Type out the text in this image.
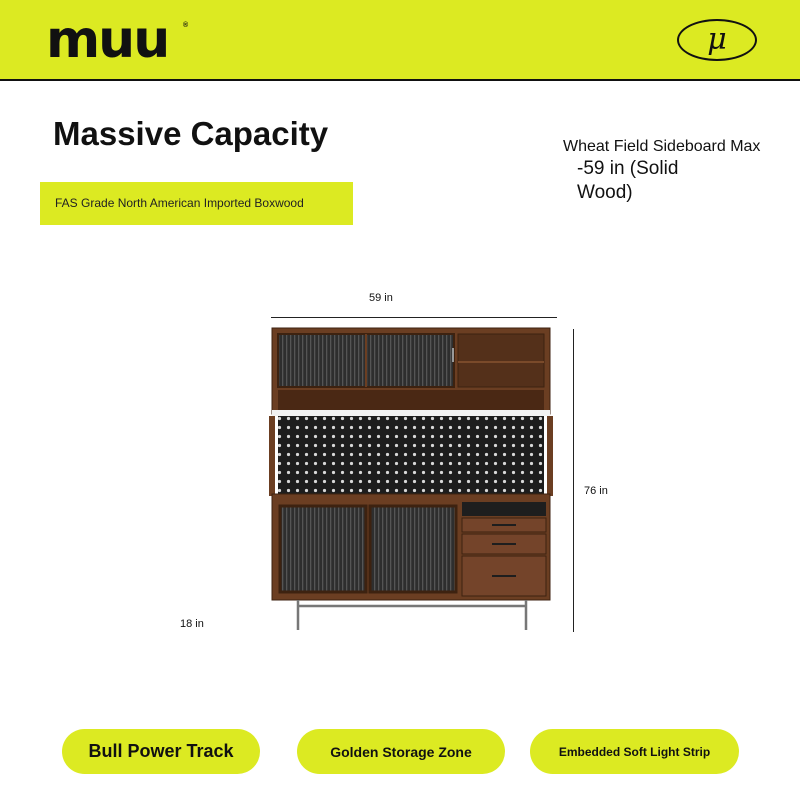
muu ®	μ
Massive Capacity
FAS Grade North American Imported Boxwood
Wheat Field Sideboard Max
-59 in (Solid Wood)
59 in
76 in
18 in
Bull Power Track	Golden Storage Zone	Embedded Soft Light Strip
